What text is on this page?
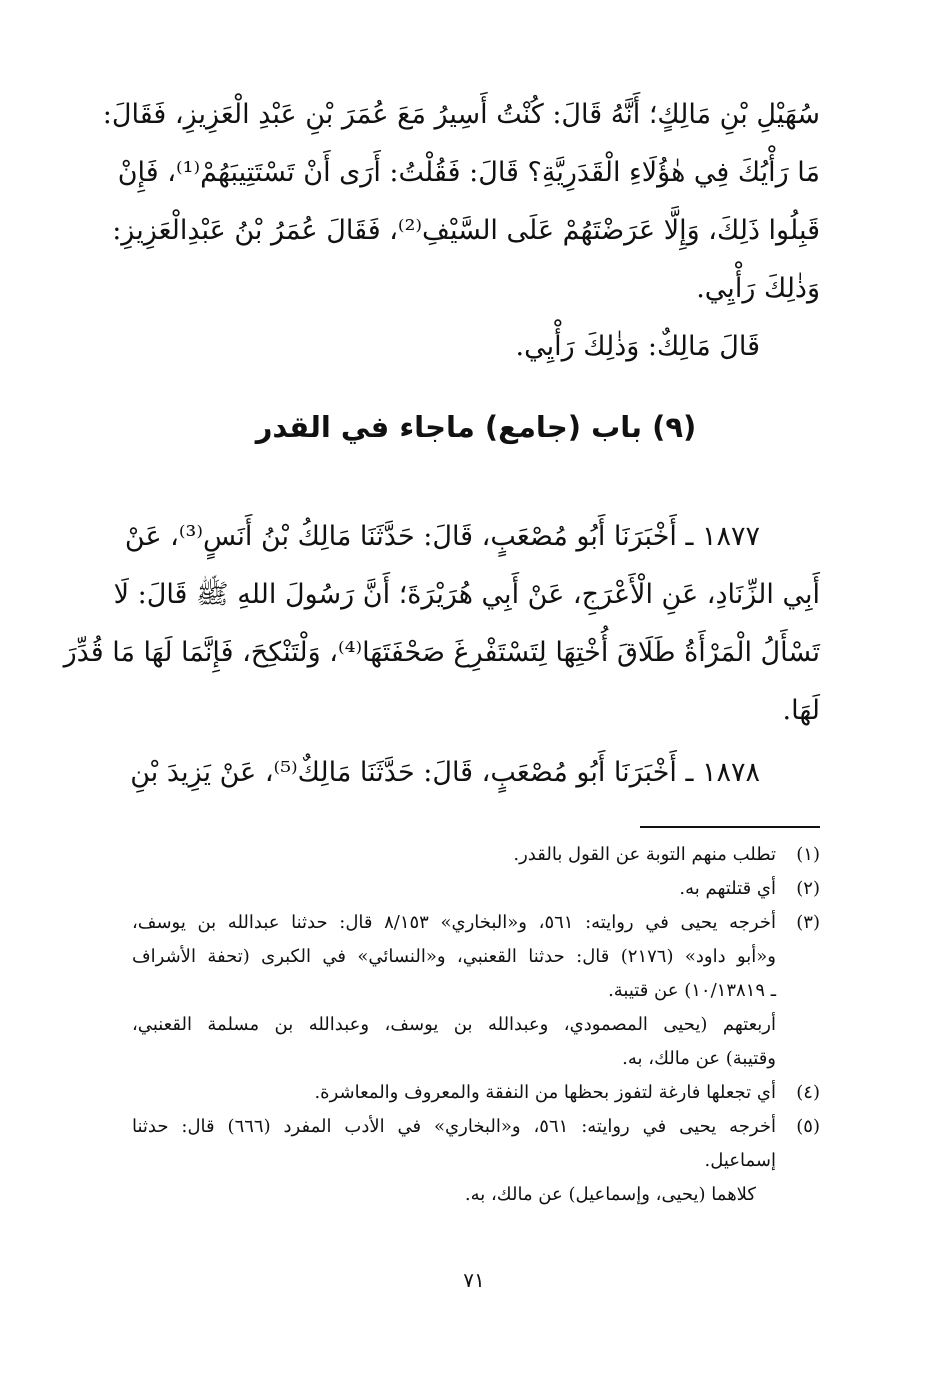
سُهَيْلِ بْنِ مَالِكٍ؛ أَنَّهُ قَالَ: كُنْتُ أَسِيرُ مَعَ عُمَرَ بْنِ عَبْدِ الْعَزِيزِ، فَقَالَ:
مَا رَأْيُكَ فِي هٰؤُلَاءِ الْقَدَرِيَّةِ؟ قَالَ: فَقُلْتُ: أَرَى أَنْ تَسْتَتِيبَهُمْ⁽¹⁾، فَإِنْ
قَبِلُوا ذَلِكَ، وَإِلَّا عَرَضْتَهُمْ عَلَى السَّيْفِ⁽²⁾، فَقَالَ عُمَرُ بْنُ عَبْدِالْعَزِيزِ:
وَذٰلِكَ رَأْيِي.
قَالَ مَالِكٌ: وَذٰلِكَ رَأْيِي.
(٩) باب (جامع) ماجاء في القدر
١٨٧٧ ـ أَخْبَرَنَا أَبُو مُصْعَبٍ، قَالَ: حَدَّثَنَا مَالِكُ بْنُ أَنَسٍ⁽³⁾، عَنْ
أَبِي الزِّنَادِ، عَنِ الْأَعْرَجِ، عَنْ أَبِي هُرَيْرَةَ؛ أَنَّ رَسُولَ اللهِ ﷺ قَالَ: لَا
تَسْأَلُ الْمَرْأَةُ طَلَاقَ أُخْتِهَا لِتَسْتَفْرِغَ صَحْفَتَهَا⁽⁴⁾، وَلْتَنْكِحَ، فَإِنَّمَا لَهَا مَا قُدِّرَ
لَهَا.
١٨٧٨ ـ أَخْبَرَنَا أَبُو مُصْعَبٍ، قَالَ: حَدَّثَنَا مَالِكٌ⁽⁵⁾، عَنْ يَزِيدَ بْنِ
(١)
تطلب منهم التوبة عن القول بالقدر.
(٢)
أي قتلتهم به.
(٣)
أخرجه يحيى في روايته: ٥٦١، و«البخاري» ٨/١٥٣ قال: حدثنا عبدالله بن يوسف،
و«أبو داود» (٢١٧٦) قال: حدثنا القعنبي، و«النسائي» في الكبرى (تحفة الأشراف
ـ ١٠/١٣٨١٩) عن قتيبة.
أربعتهم (يحيى المصمودي، وعبدالله بن يوسف، وعبدالله بن مسلمة القعنبي،
وقتيبة) عن مالك، به.
(٤)
أي تجعلها فارغة لتفوز بحظها من النفقة والمعروف والمعاشرة.
(٥)
أخرجه يحيى في روايته: ٥٦١، و«البخاري» في الأدب المفرد (٦٦٦) قال: حدثنا
إسماعيل.
كلاهما (يحيى، وإسماعيل) عن مالك، به.
٧١
